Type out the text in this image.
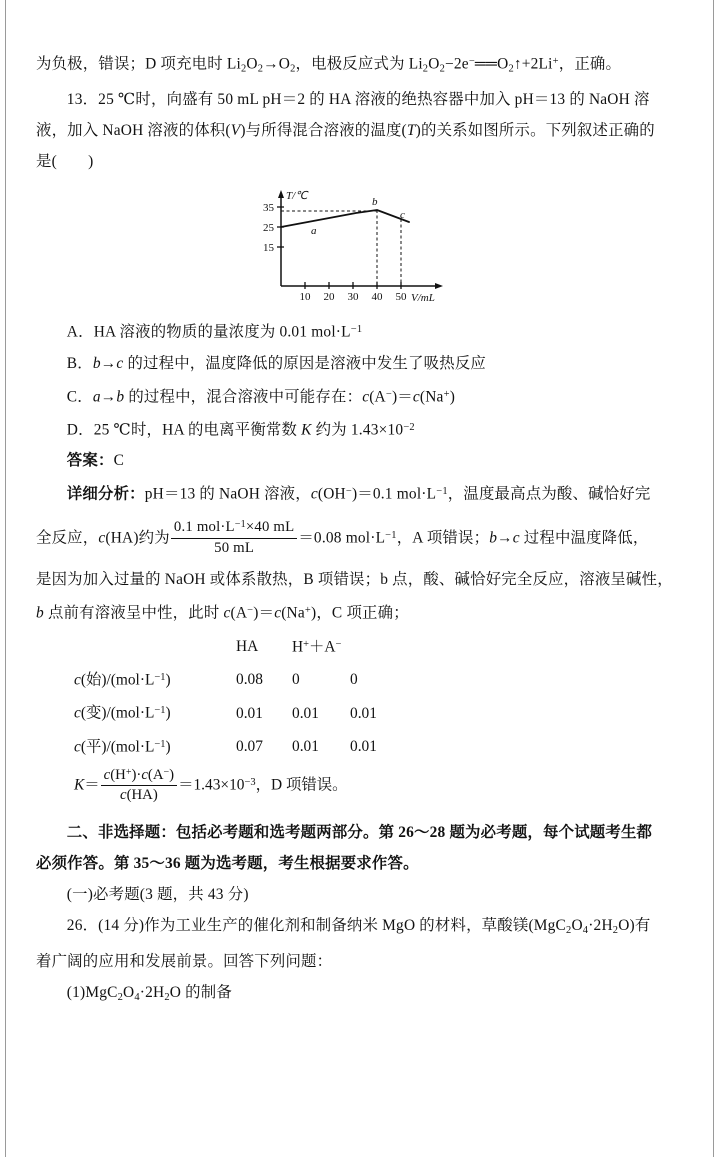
为负极，错误；D 项充电时 $Li_2O_2\to O_2$，电极反应式为 $Li_2O_2-2e^-══O_2↑+2Li^+$，正确。

13．25 ℃时，向盛有 50 mL pH＝2 的 HA 溶液的绝热容器中加入 pH＝13 的 NaOH 溶

液，加入 NaOH 溶液的体积(V)与所得混合溶液的温度(T)的关系如图所示。下列叙述正确的

是(　　)

35
25
15
10 20 30 40 50
T/℃
V/mL
a
b
c

A．HA 溶液的物质的量浓度为 0.01 $mol\cdot L^{-1}$

B．b→c 的过程中，温度降低的原因是溶液中发生了吸热反应

C．a→b 的过程中，混合溶液中可能存在：c(A−)＝c(Na+)

D．25 ℃时，HA 的电离平衡常数 K 约为 $1.43\times 10^{-2}$

答案：C

详细分析：pH＝13 的 NaOH 溶液，c(OH−)＝0.1 $mol\cdot L^{-1}$，温度最高点为酸、碱恰好完

全反应，c(HA)约为 $\frac{0.1 mol\cdot L^{-1}\times 40 mL}{50 mL} =0.08$ $mol\cdot L^{-1}$，A 项错误；b→c 过程中温度降低，

是因为加入过量的 NaOH 或体系散热，B 项错误；b 点，酸、碱恰好完全反应，溶液呈碱性，

b 点前有溶液呈中性，此时 c(A−)＝c(Na+)，C 项正确；

	HA	H+＋A−
c(始)$/(mol\cdot L^{-1})$	0.08	0	0
c(变)$/(mol\cdot L^{-1})$	0.01	0.01	0.01
c(平)$/(mol\cdot L^{-1})$	0.07	0.01	0.01
$K= \frac{c(H^+)\cdot c(A^-)}{c(HA)} =1.43\times 10^{-3}$，D 项错误。

二、非选择题：包括必考题和选考题两部分。第 26～28 题为必考题，每个试题考生都

必须作答。第 35～36 题为选考题，考生根据要求作答。

(一)必考题(3 题，共 43 分)

26．(14 分)作为工业生产的催化剂和制备纳米 MgO 的材料，草酸镁$(MgC_2O_4\cdot 2H_2O)$有

着广阔的应用和发展前景。回答下列问题：

$(1)MgC_2O_4\cdot 2H_2O$ 的制备
